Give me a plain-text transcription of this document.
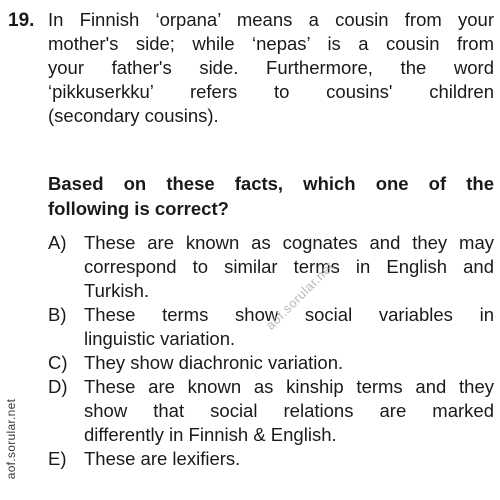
19. In Finnish ‘orpana’ means a cousin from your
mother's side; while ‘nepas’ is a cousin from
your father's side. Furthermore, the word
‘pikkuserkku’ refers to cousins' children
(secondary cousins).
Based on these facts, which one of the
following is correct?
A) These are known as cognates and they may
correspond to similar terms in English and
Turkish.
B) These terms show social variables in
linguistic variation.
C) They show diachronic variation.
D) These are known as kinship terms and they
show that social relations are marked
differently in Finnish & English.
E) These are lexifiers.
aof.sorular.net
aof.sorular.net
